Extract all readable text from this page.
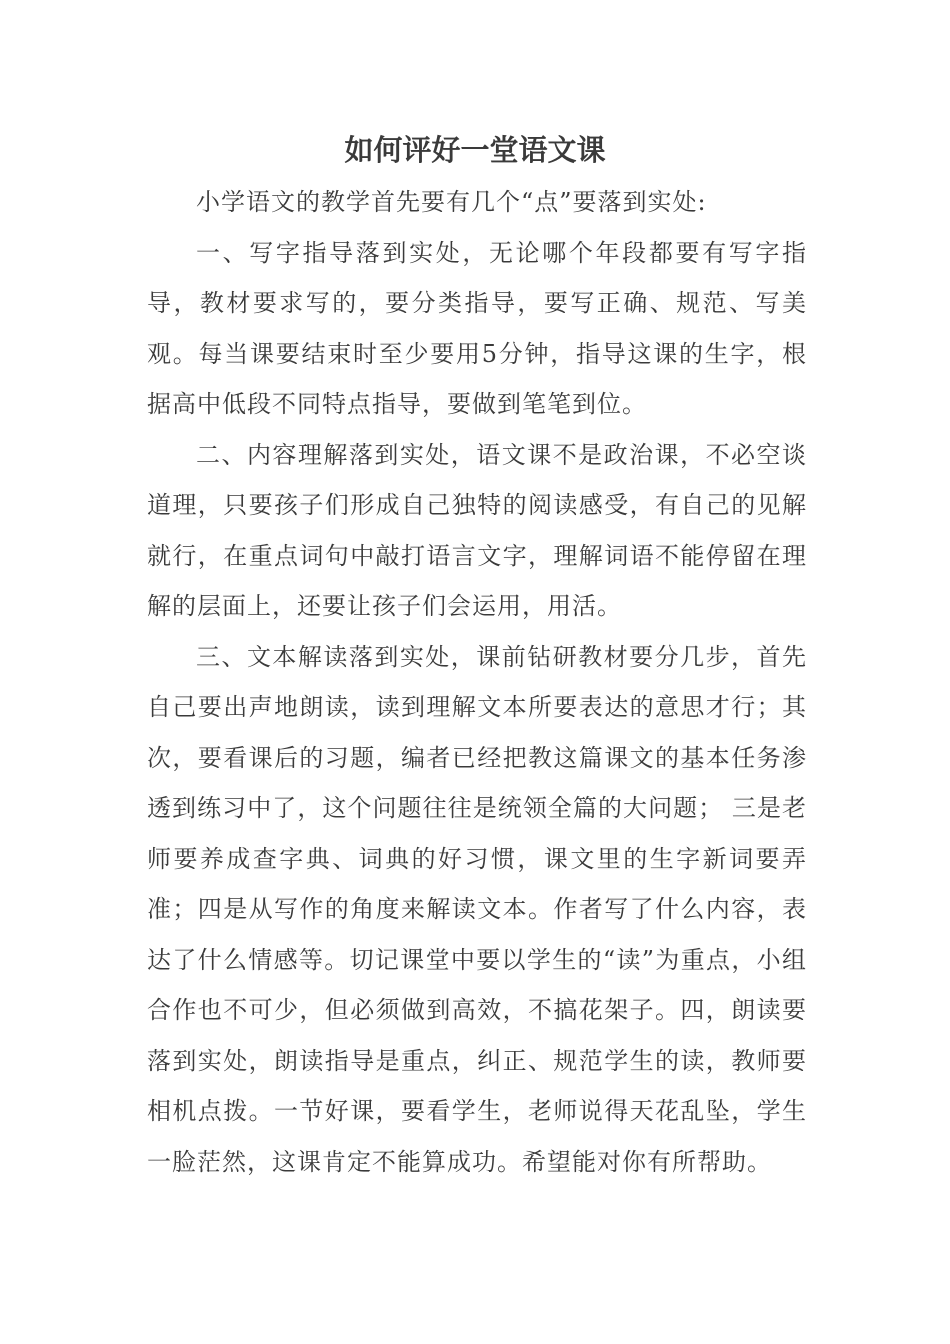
如何评好一堂语文课

小学语文的教学首先要有几个“点”要落到实处:

一、写字指导落到实处，无论哪个年段都要有写字指导，教材要求写的，要分类指导，要写正确、规范、写美观。每当课要结束时至少要用5分钟，指导这课的生字，根据高中低段不同特点指导，要做到笔笔到位。

二、内容理解落到实处，语文课不是政治课，不必空谈道理，只要孩子们形成自己独特的阅读感受，有自己的见解就行，在重点词句中敲打语言文字，理解词语不能停留在理解的层面上，还要让孩子们会运用，用活。

三、文本解读落到实处，课前钻研教材要分几步，首先自己要出声地朗读，读到理解文本所要表达的意思才行；其次，要看课后的习题，编者已经把教这篇课文的基本任务渗透到练习中了，这个问题往往是统领全篇的大问题； 三是老师要养成查字典、词典的好习惯，课文里的生字新词要弄准；四是从写作的角度来解读文本。作者写了什么内容，表达了什么情感等。切记课堂中要以学生的“读”为重点，小组合作也不可少，但必须做到高效，不搞花架子。四，朗读要落到实处，朗读指导是重点，纠正、规范学生的读，教师要相机点拨。一节好课，要看学生，老师说得天花乱坠，学生一脸茫然，这课肯定不能算成功。希望能对你有所帮助。
